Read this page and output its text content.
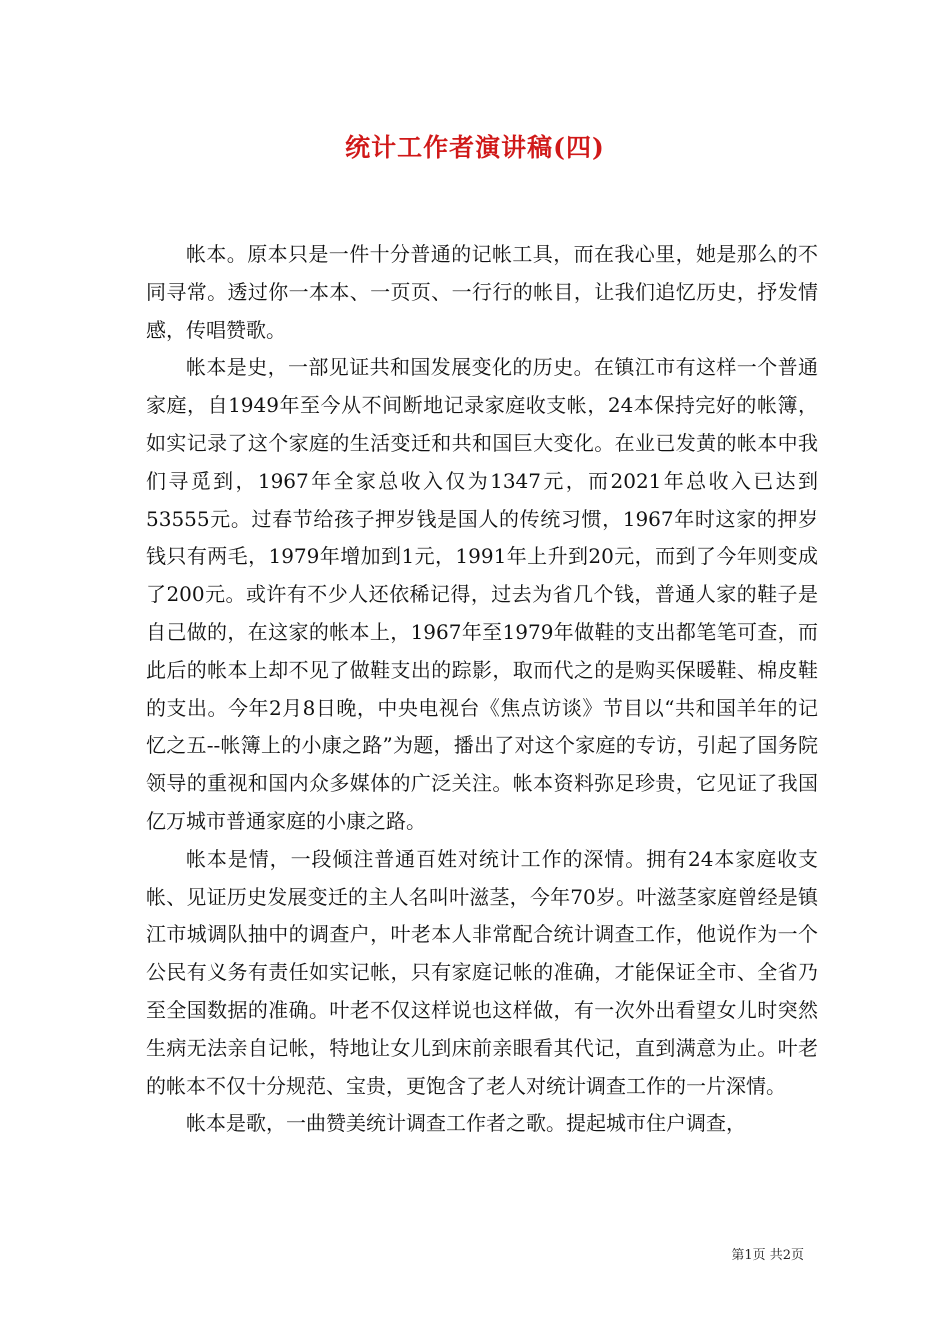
统计工作者演讲稿(四)

帐本。原本只是一件十分普通的记帐工具，而在我心里，她是那么的不同寻常。透过你一本本、一页页、一行行的帐目，让我们追忆历史，抒发情感，传唱赞歌。

帐本是史，一部见证共和国发展变化的历史。在镇江市有这样一个普通家庭，自1949年至今从不间断地记录家庭收支帐，24本保持完好的帐簿，如实记录了这个家庭的生活变迁和共和国巨大变化。在业已发黄的帐本中我们寻觅到，1967年全家总收入仅为1347元，而2021年总收入已达到53555元。过春节给孩子押岁钱是国人的传统习惯，1967年时这家的押岁钱只有两毛，1979年增加到1元，1991年上升到20元，而到了今年则变成了200元。或许有不少人还依稀记得，过去为省几个钱，普通人家的鞋子是自己做的，在这家的帐本上，1967年至1979年做鞋的支出都笔笔可查，而此后的帐本上却不见了做鞋支出的踪影，取而代之的是购买保暖鞋、棉皮鞋的支出。今年2月8日晚，中央电视台《焦点访谈》节目以“共和国羊年的记忆之五--帐簿上的小康之路”为题，播出了对这个家庭的专访，引起了国务院领导的重视和国内众多媒体的广泛关注。帐本资料弥足珍贵，它见证了我国亿万城市普通家庭的小康之路。

帐本是情，一段倾注普通百姓对统计工作的深情。拥有24本家庭收支帐、见证历史发展变迁的主人名叫叶滋茎，今年70岁。叶滋茎家庭曾经是镇江市城调队抽中的调查户，叶老本人非常配合统计调查工作，他说作为一个公民有义务有责任如实记帐，只有家庭记帐的准确，才能保证全市、全省乃至全国数据的准确。叶老不仅这样说也这样做，有一次外出看望女儿时突然生病无法亲自记帐，特地让女儿到床前亲眼看其代记，直到满意为止。叶老的帐本不仅十分规范、宝贵，更饱含了老人对统计调查工作的一片深情。

帐本是歌，一曲赞美统计调查工作者之歌。提起城市住户调查，

第1页 共2页
